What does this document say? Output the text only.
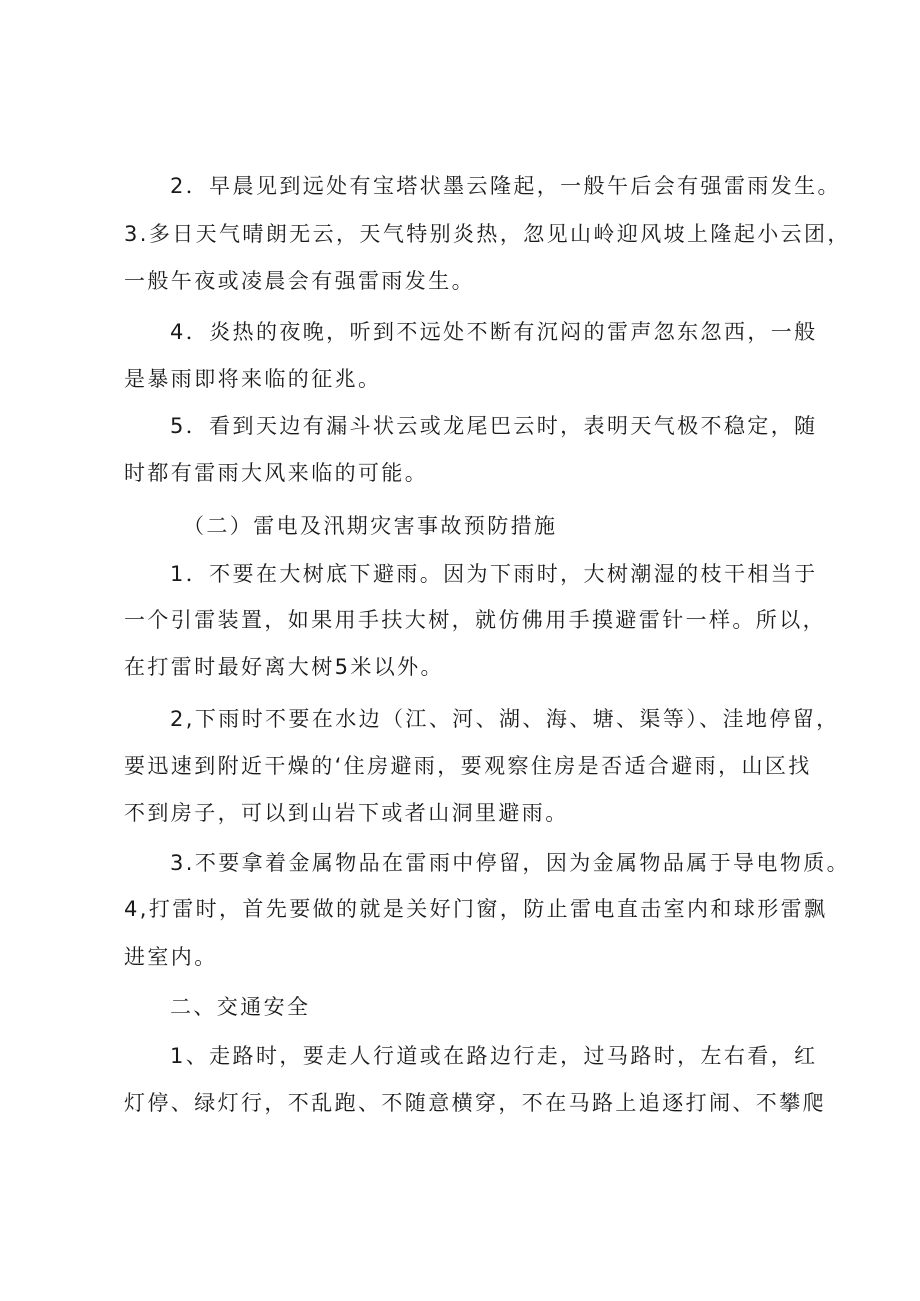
2．早晨见到远处有宝塔状墨云隆起，一般午后会有强雷雨发生。
3.多日天气晴朗无云，天气特别炎热，忽见山岭迎风坡上隆起小云团，
一般午夜或凌晨会有强雷雨发生。
4．炎热的夜晚，听到不远处不断有沉闷的雷声忽东忽西，一般
是暴雨即将来临的征兆。
5．看到天边有漏斗状云或龙尾巴云时，表明天气极不稳定，随
时都有雷雨大风来临的可能。
（二）雷电及汛期灾害事故预防措施
1．不要在大树底下避雨。因为下雨时，大树潮湿的枝干相当于
一个引雷装置，如果用手扶大树，就仿佛用手摸避雷针一样。所以，
在打雷时最好离大树5米以外。
2,下雨时不要在水边（江、河、湖、海、塘、渠等）、洼地停留，
要迅速到附近干燥的‘住房避雨，要观察住房是否适合避雨，山区找
不到房子，可以到山岩下或者山洞里避雨。
3.不要拿着金属物品在雷雨中停留，因为金属物品属于导电物质。
4,打雷时，首先要做的就是关好门窗，防止雷电直击室内和球形雷飘
进室内。
二、交通安全
1、走路时，要走人行道或在路边行走，过马路时，左右看，红
灯停、绿灯行，不乱跑、不随意横穿，不在马路上追逐打闹、不攀爬
